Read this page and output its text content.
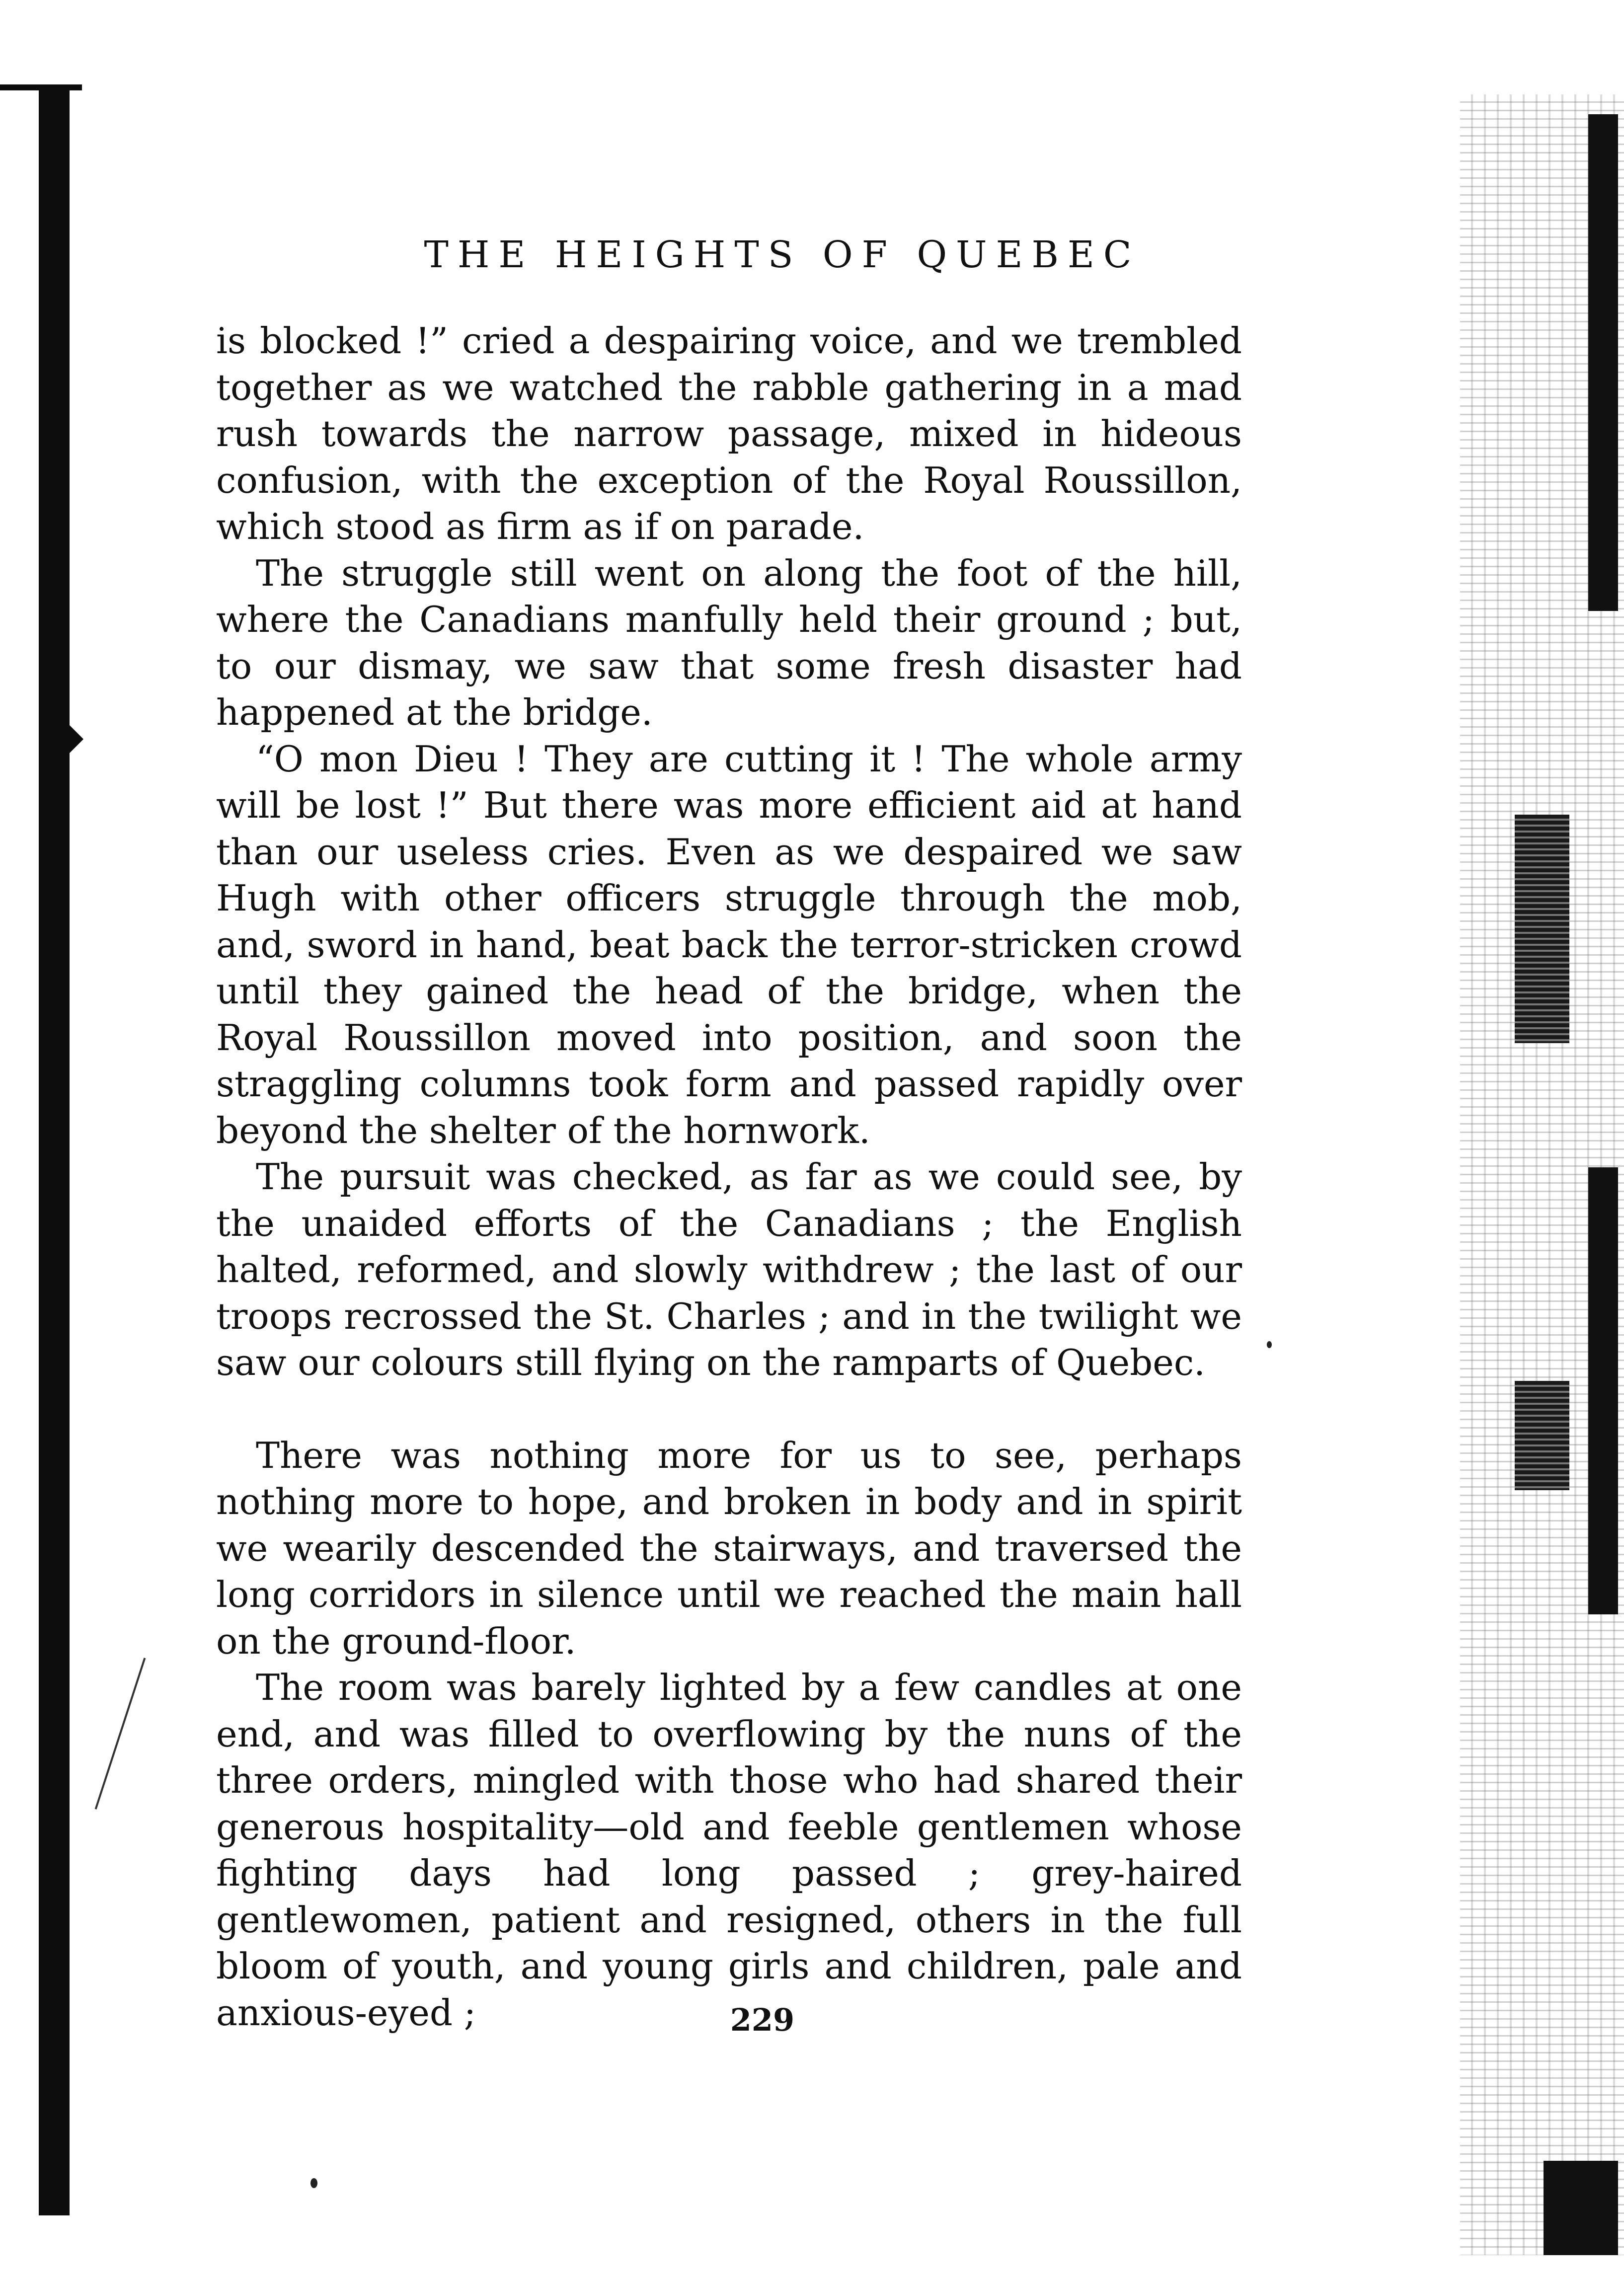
THE HEIGHTS OF QUEBEC

is blocked !” cried a despairing voice, and we trembled together as we watched the rabble gathering in a mad rush towards the narrow passage, mixed in hideous confusion, with the exception of the Royal Roussillon, which stood as firm as if on parade.

The struggle still went on along the foot of the hill, where the Canadians manfully held their ground ; but, to our dismay, we saw that some fresh disaster had happened at the bridge.

“O mon Dieu ! They are cutting it ! The whole army will be lost !” But there was more efficient aid at hand than our useless cries. Even as we despaired we saw Hugh with other officers struggle through the mob, and, sword in hand, beat back the terror-stricken crowd until they gained the head of the bridge, when the Royal Roussillon moved into position, and soon the straggling columns took form and passed rapidly over beyond the shelter of the hornwork.

The pursuit was checked, as far as we could see, by the unaided efforts of the Canadians ; the English halted, reformed, and slowly withdrew ; the last of our troops recrossed the St. Charles ; and in the twilight we saw our colours still flying on the ramparts of Quebec.

There was nothing more for us to see, perhaps nothing more to hope, and broken in body and in spirit we wearily descended the stairways, and traversed the long corridors in silence until we reached the main hall on the ground-floor.

The room was barely lighted by a few candles at one end, and was filled to overflowing by the nuns of the three orders, mingled with those who had shared their generous hospitality—old and feeble gentlemen whose fighting days had long passed ; grey-haired gentlewomen, patient and resigned, others in the full bloom of youth, and young girls and children, pale and anxious-eyed ;	229
